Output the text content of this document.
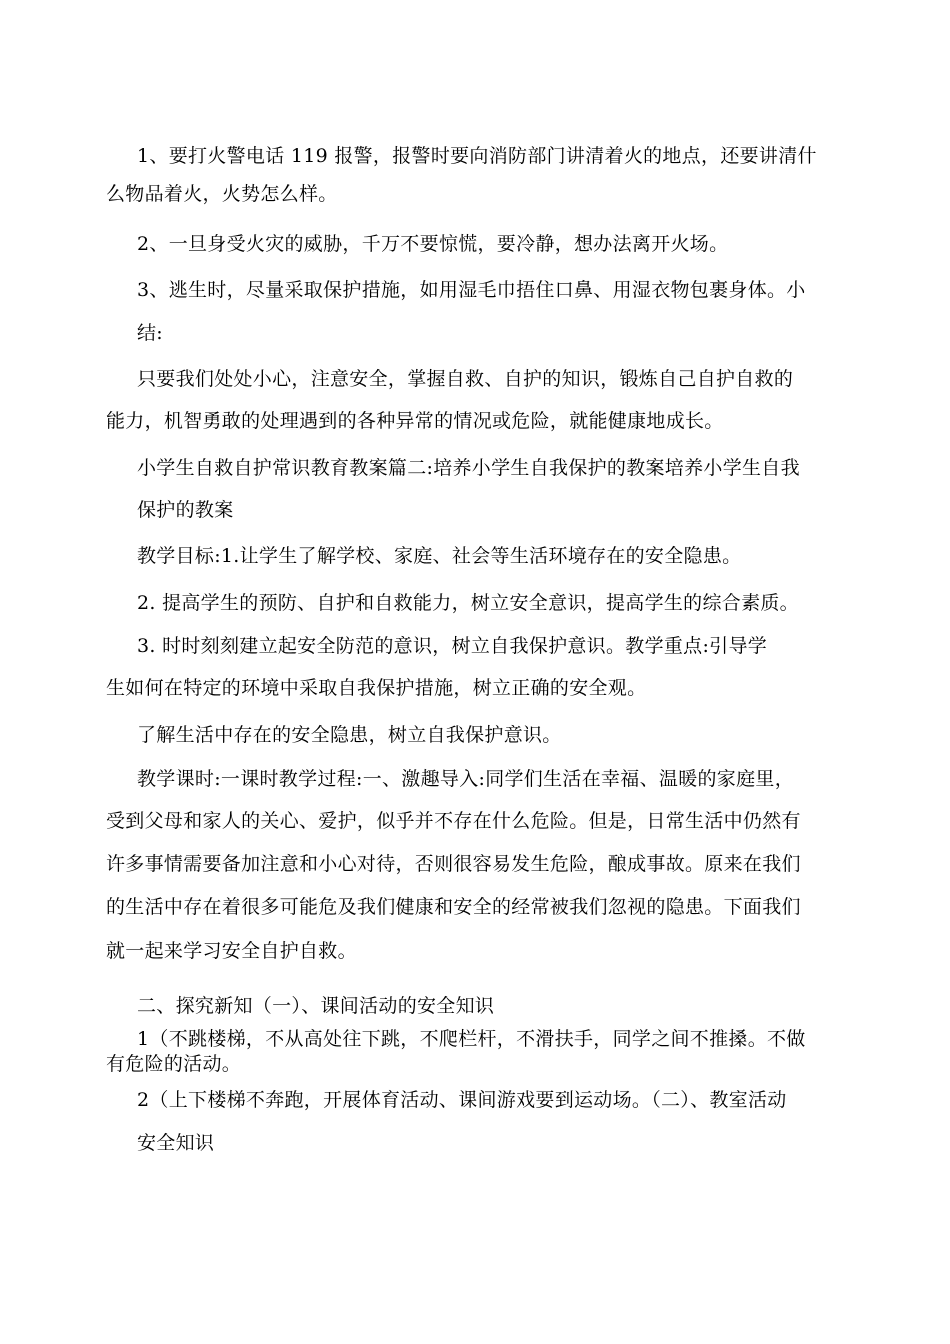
1、要打火警电话 119 报警，报警时要向消防部门讲清着火的地点，还要讲清什
么物品着火，火势怎么样。
2、一旦身受火灾的威胁，千万不要惊慌，要冷静，想办法离开火场。
3、逃生时，尽量采取保护措施，如用湿毛巾捂住口鼻、用湿衣物包裹身体。小
结:
只要我们处处小心，注意安全，掌握自救、自护的知识，锻炼自己自护自救的
能力，机智勇敢的处理遇到的各种异常的情况或危险，就能健康地成长。
小学生自救自护常识教育教案篇二:培养小学生自我保护的教案培养小学生自我
保护的教案
教学目标:1.让学生了解学校、家庭、社会等生活环境存在的安全隐患。
2. 提高学生的预防、自护和自救能力，树立安全意识，提高学生的综合素质。
3. 时时刻刻建立起安全防范的意识，树立自我保护意识。教学重点:引导学
生如何在特定的环境中采取自我保护措施，树立正确的安全观。
了解生活中存在的安全隐患，树立自我保护意识。
教学课时:一课时教学过程:一、激趣导入:同学们生活在幸福、温暖的家庭里，
受到父母和家人的关心、爱护，似乎并不存在什么危险。但是，日常生活中仍然有
许多事情需要备加注意和小心对待，否则很容易发生危险，酿成事故。原来在我们
的生活中存在着很多可能危及我们健康和安全的经常被我们忽视的隐患。下面我们
就一起来学习安全自护自救。
二、探究新知（一）、课间活动的安全知识
1（不跳楼梯，不从高处往下跳，不爬栏杆，不滑扶手，同学之间不推搡。不做
有危险的活动。
2（上下楼梯不奔跑，开展体育活动、课间游戏要到运动场。（二）、教室活动
安全知识
